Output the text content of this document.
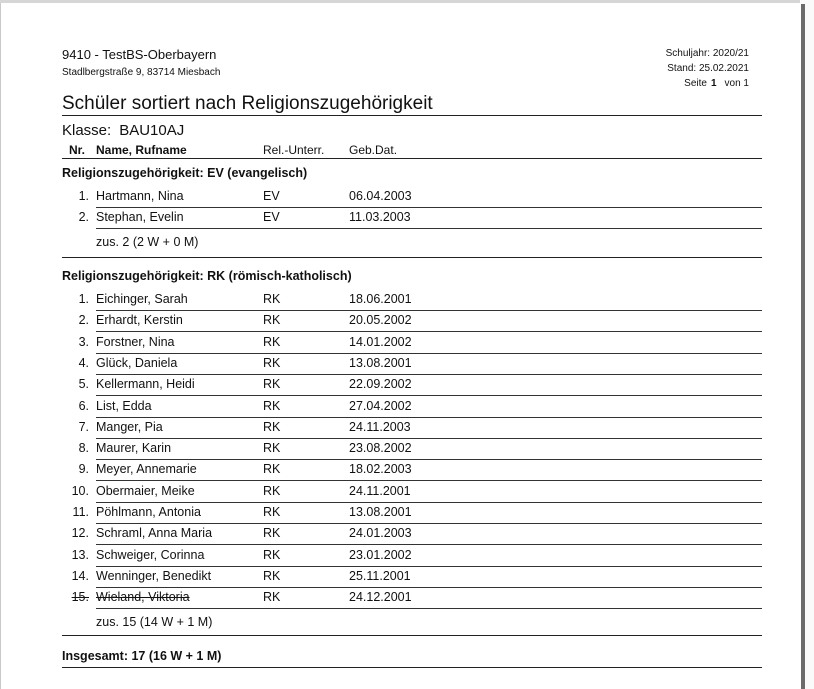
9410 - TestBS-Oberbayern
Stadlbergstraße 9, 83714 Miesbach
Schuljahr: 2020/21
Stand: 25.02.2021
Seite 1 von 1
Schüler sortiert nach Religionszugehörigkeit
Klasse: BAU10AJ
Nr. Name, Rufname	Rel.-Unterr. Geb.Dat.
Religionszugehörigkeit: EV (evangelisch)
1. Hartmann, Nina	EV	06.04.2003
2. Stephan, Evelin	EV	11.03.2003
zus. 2 (2 W + 0 M)
Religionszugehörigkeit: RK (römisch-katholisch)
1. Eichinger, Sarah	RK	18.06.2001
2. Erhardt, Kerstin	RK	20.05.2002
3. Forstner, Nina	RK	14.01.2002
4. Glück, Daniela	RK	13.08.2001
5. Kellermann, Heidi	RK	22.09.2002
6. List, Edda	RK	27.04.2002
7. Manger, Pia	RK	24.11.2003
8. Maurer, Karin	RK	23.08.2002
9. Meyer, Annemarie	RK	18.02.2003
10. Obermaier, Meike	RK	24.11.2001
11. Pöhlmann, Antonia	RK	13.08.2001
12. Schraml, Anna Maria	RK	24.01.2003
13. Schweiger, Corinna	RK	23.01.2002
14. Wenninger, Benedikt	RK	25.11.2001
15. Wieland, Viktoria	RK	24.12.2001
zus. 15 (14 W + 1 M)
Insgesamt: 17 (16 W + 1 M)
